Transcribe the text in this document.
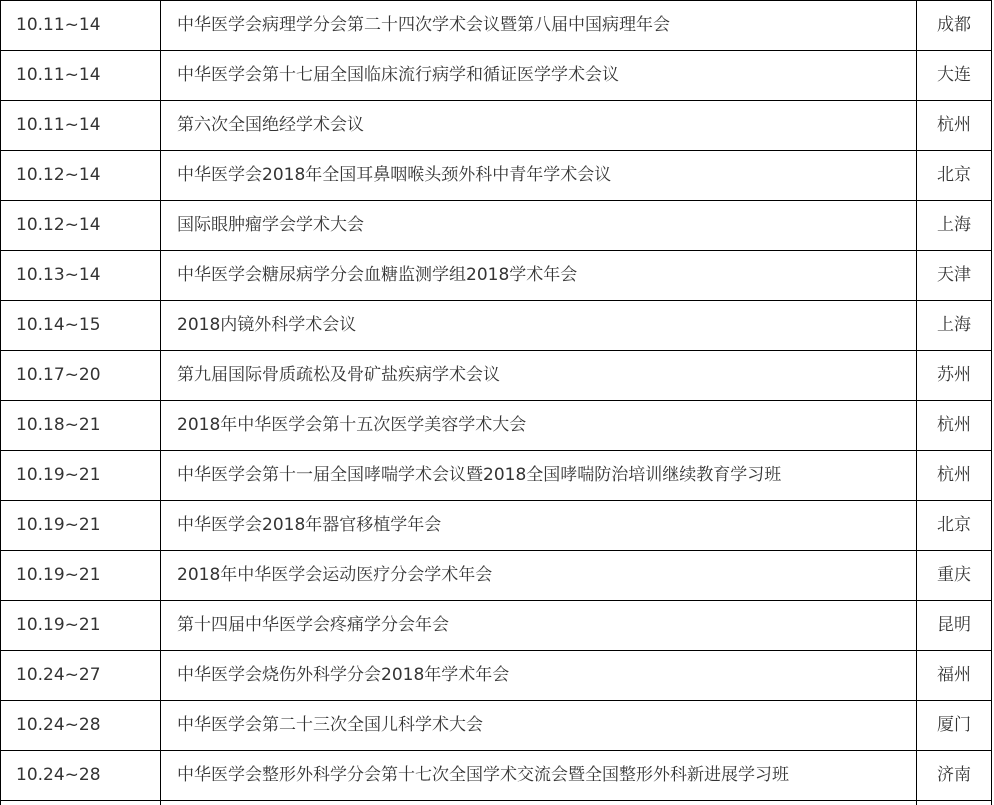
10.11~14	中华医学会病理学分会第二十四次学术会议暨第八届中国病理年会	成都
10.11~14	中华医学会第十七届全国临床流行病学和循证医学学术会议	大连
10.11~14	第六次全国绝经学术会议	杭州
10.12~14	中华医学会2018年全国耳鼻咽喉头颈外科中青年学术会议	北京
10.12~14	国际眼肿瘤学会学术大会	上海
10.13~14	中华医学会糖尿病学分会血糖监测学组2018学术年会	天津
10.14~15	2018内镜外科学术会议	上海
10.17~20	第九届国际骨质疏松及骨矿盐疾病学术会议	苏州
10.18~21	2018年中华医学会第十五次医学美容学术大会	杭州
10.19~21	中华医学会第十一届全国哮喘学术会议暨2018全国哮喘防治培训继续教育学习班	杭州
10.19~21	中华医学会2018年器官移植学年会	北京
10.19~21	2018年中华医学会运动医疗分会学术年会	重庆
10.19~21	第十四届中华医学会疼痛学分会年会	昆明
10.24~27	中华医学会烧伤外科学分会2018年学术年会	福州
10.24~28	中华医学会第二十三次全国儿科学术大会	厦门
10.24~28	中华医学会整形外科学分会第十七次全国学术交流会暨全国整形外科新进展学习班	济南
